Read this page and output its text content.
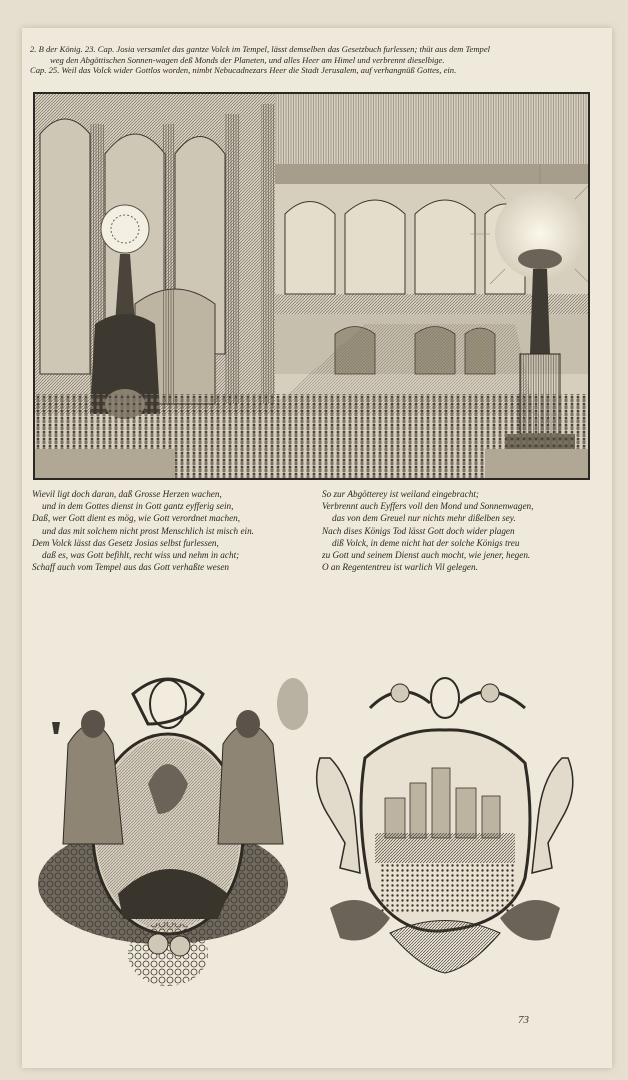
2. B der König. 23. Cap. Josia versamlet das gantze Volck im Tempel, lässt demselben das Gesetzbuch furlessen; thüt aus dem Tempel
weg den Abgöttischen Sonnen-wagen deß Monds der Planeten, und alles Heer am Himel und verbrennt dieselbige.
Cap. 25. Weil das Volck wider Gottlos worden, nimbt Nebucadnezars Heer die Stadt Jerusalem, auf verhangnüß Gottes, ein.
Wievil ligt doch daran, daß Grosse Herzen wachen,
und in dem Gottes dienst in Gott gantz eyfferig sein,
Daß, wer Gott dient es mög, wie Gott verordnet machen,
und das mit solchem nicht prost Menschlich ist misch ein.
Dem Volck lässt das Gesetz Josias selbst furlessen,
daß es, was Gott befihlt, recht wiss und nehm in acht;
Schaff auch vom Tempel aus das Gott verhaßte wesen
So zur Abgötterey ist weiland eingebracht;
Verbrennt auch Eyffers voll den Mond und Sonnenwagen,
das von dem Greuel nur nichts mehr dißelben sey.
Nach dises Königs Tod lässt Gott doch wider plagen
diß Volck, in deme nicht hat der solche Königs treu
zu Gott und seinem Dienst auch mocht, wie jener, hegen.
O an Regententreu ist warlich Vil gelegen.
73
